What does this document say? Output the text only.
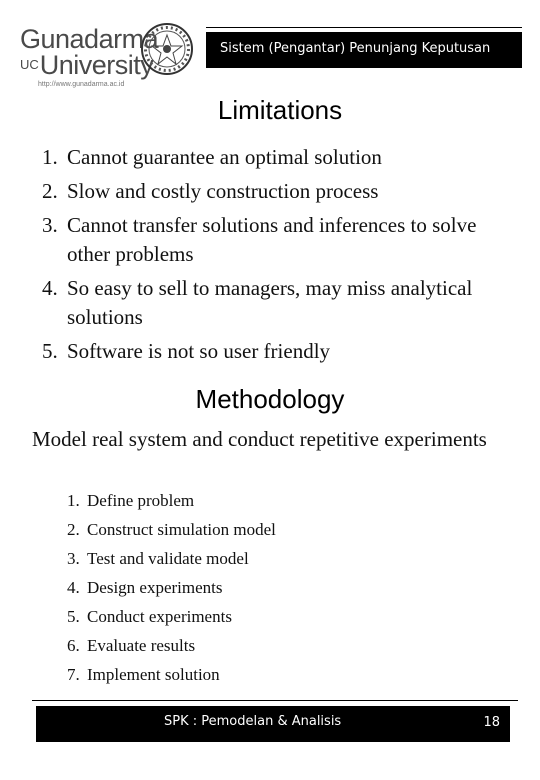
Gunadarma
UCUniversity
http://www.gunadarma.ac.id
Sistem (Pengantar) Penunjang Keputusan
Limitations
1. Cannot guarantee an optimal solution
2. Slow and costly construction process
3. Cannot transfer solutions and inferences to solve other problems
4. So easy to sell to managers, may miss analytical solutions
5. Software is not so user friendly
Methodology
Model real system and conduct repetitive experiments
1. Define problem
2. Construct simulation model
3. Test and validate model
4. Design experiments
5. Conduct experiments
6. Evaluate results
7. Implement solution
SPK : Pemodelan & Analisis	18
